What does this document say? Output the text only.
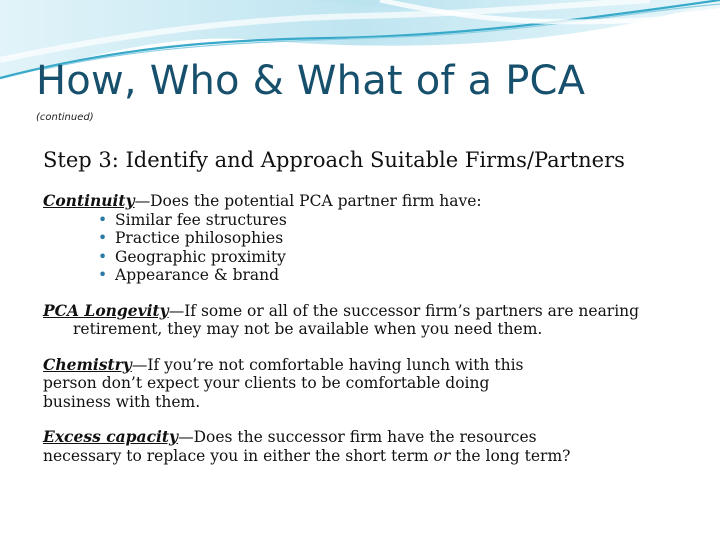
How, Who & What of a PCA
(continued)
Step 3: Identify and Approach Suitable Firms/Partners

Continuity—Does the potential PCA partner firm have:

• Similar fee structures
• Practice philosophies
• Geographic proximity
• Appearance & brand

PCA Longevity—If some or all of the successor firm’s partners are nearing retirement, they may not be available when you need them.

Chemistry—If you’re not comfortable having lunch with this
person don’t expect your clients to be comfortable doing
business with them.

Excess capacity—Does the successor firm have the resources
necessary to replace you in either the short term or the long term?
